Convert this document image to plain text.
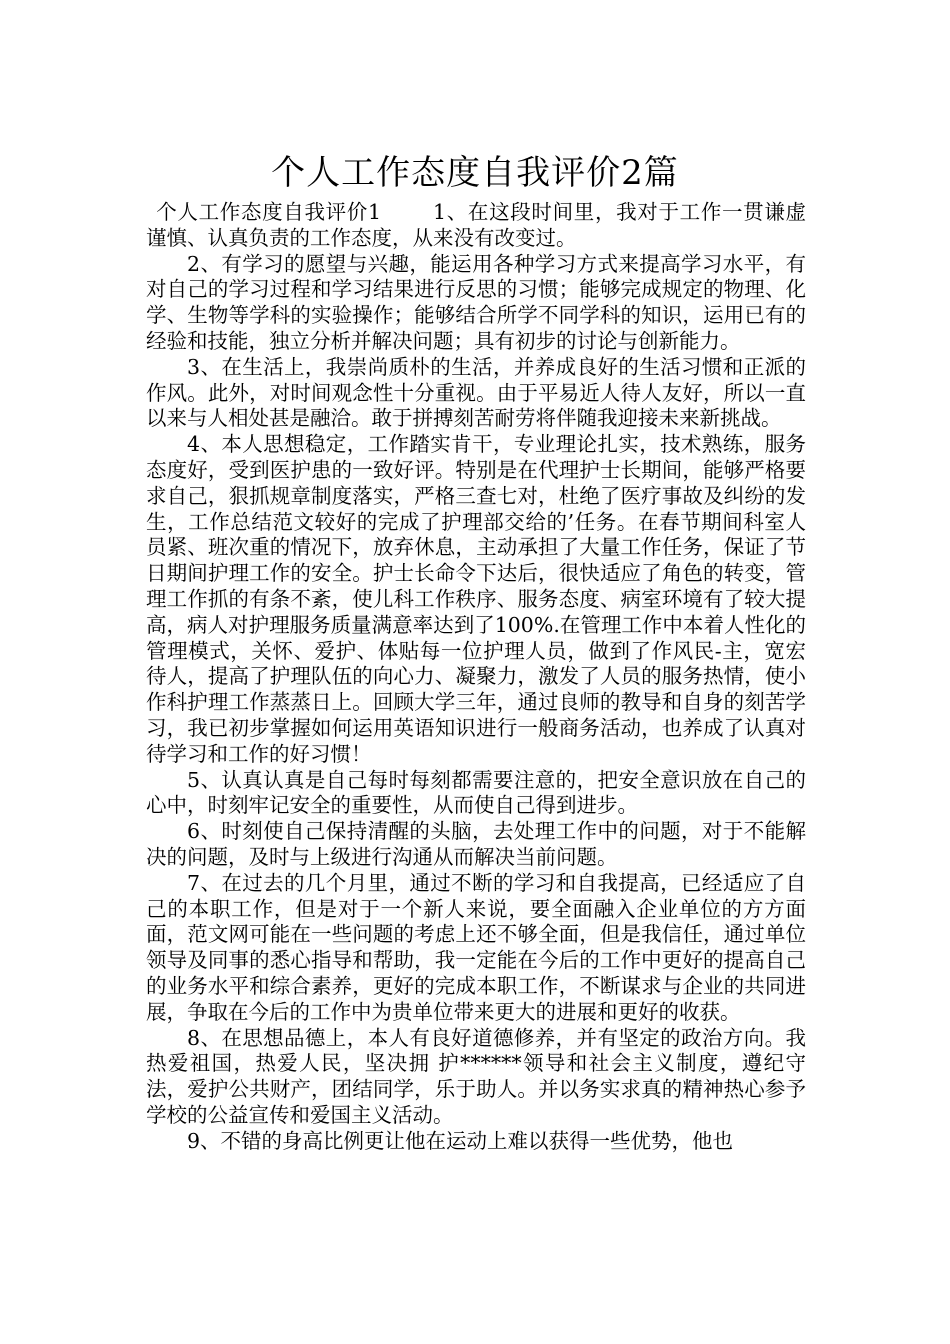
个人工作态度自我评价2篇

个人工作态度自我评价1	1、在这段时间里，我对于工作一贯谦虚谨慎、认真负责的工作态度，从来没有改变过。

2、有学习的愿望与兴趣，能运用各种学习方式来提高学习水平，有对自己的学习过程和学习结果进行反思的习惯；能够完成规定的物理、化学、生物等学科的实验操作；能够结合所学不同学科的知识，运用已有的经验和技能，独立分析并解决问题；具有初步的讨论与创新能力。

3、在生活上，我崇尚质朴的生活，并养成良好的生活习惯和正派的作风。此外，对时间观念性十分重视。由于平易近人待人友好，所以一直以来与人相处甚是融洽。敢于拼搏刻苦耐劳将伴随我迎接未来新挑战。

4、本人思想稳定，工作踏实肯干，专业理论扎实，技术熟练，服务态度好，受到医护患的一致好评。特别是在代理护士长期间，能够严格要求自己，狠抓规章制度落实，严格三查七对，杜绝了医疗事故及纠纷的发生，工作总结范文较好的完成了护理部交给的’任务。在春节期间科室人员紧、班次重的情况下，放弃休息，主动承担了大量工作任务，保证了节日期间护理工作的安全。护士长命令下达后，很快适应了角色的转变，管理工作抓的有条不紊，使儿科工作秩序、服务态度、病室环境有了较大提高，病人对护理服务质量满意率达到了100%.在管理工作中本着人性化的管理模式，关怀、爱护、体贴每一位护理人员，做到了作风民-主，宽宏待人，提高了护理队伍的向心力、凝聚力，激发了人员的服务热情，使小作科护理工作蒸蒸日上。回顾大学三年，通过良师的教导和自身的刻苦学习，我已初步掌握如何运用英语知识进行一般商务活动，也养成了认真对待学习和工作的好习惯！

5、认真认真是自己每时每刻都需要注意的，把安全意识放在自己的心中，时刻牢记安全的重要性，从而使自己得到进步。

6、时刻使自己保持清醒的头脑，去处理工作中的问题，对于不能解决的问题，及时与上级进行沟通从而解决当前问题。

7、在过去的几个月里，通过不断的学习和自我提高，已经适应了自己的本职工作，但是对于一个新人来说，要全面融入企业单位的方方面面，范文网可能在一些问题的考虑上还不够全面，但是我信任，通过单位领导及同事的悉心指导和帮助，我一定能在今后的工作中更好的提高自己的业务水平和综合素养，更好的完成本职工作，不断谋求与企业的共同进展，争取在今后的工作中为贵单位带来更大的进展和更好的收获。

8、在思想品德上，本人有良好道德修养，并有坚定的政治方向。我热爱祖国，热爱人民，坚决拥 护******领导和社会主义制度，遵纪守法，爱护公共财产，团结同学，乐于助人。并以务实求真的精神热心参予学校的公益宣传和爱国主义活动。

9、不错的身高比例更让他在运动上难以获得一些优势，他也
